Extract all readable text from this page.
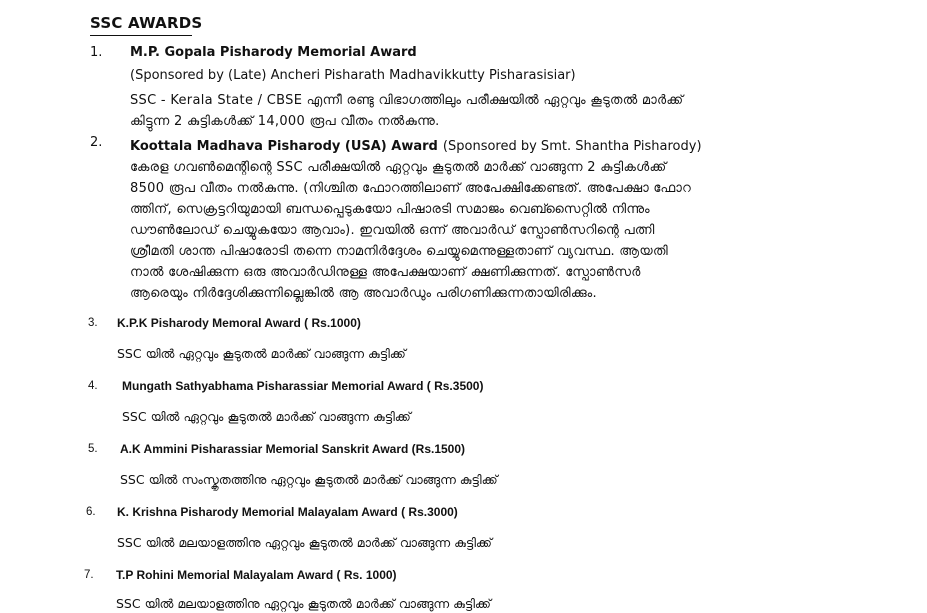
SSC AWARDS
1. M.P. Gopala Pisharody Memorial Award
(Sponsored by (Late) Ancheri Pisharath Madhavikkutty Pisharasisiar)
SSC - Kerala State / CBSE എന്നീ രണ്ടു വിഭാഗത്തിലും പരീക്ഷയിൽ ഏറ്റവും കൂടുതൽ മാർക്ക്
കിട്ടുന്ന 2 കുട്ടികൾക്ക് 14,000 രൂപ വീതം നൽകുന്നു.
2. Koottala Madhava Pisharody (USA) Award (Sponsored by Smt. Shantha Pisharody)
കേരള ഗവൺമെന്റിന്റെ SSC പരീക്ഷയിൽ ഏറ്റവും കൂടുതൽ മാർക്ക് വാങ്ങുന്ന 2 കുട്ടികൾക്ക്
8500 രൂപ വീതം നൽകുന്നു. (നിശ്ചിത ഫോറത്തിലാണ് അപേക്ഷിക്കേണ്ടത്. അപേക്ഷാ ഫോറ
ത്തിന്, സെക്രട്ടറിയുമായി ബന്ധപ്പെടുകയോ പിഷാരടി സമാജം വെബ്സൈറ്റിൽ നിന്നും
ഡൗൺലോഡ് ചെയ്യുകയോ ആവാം). ഇവയിൽ ഒന്ന് അവാർഡ് സ്പോൺസറിന്റെ പത്നി
ശ്രീമതി ശാന്ത പിഷാരോടി തന്നെ നാമനിർദ്ദേശം ചെയ്യുമെന്നുള്ളതാണ് വ്യവസ്ഥ. ആയതി
നാൽ ശേഷിക്കുന്ന ഒരു അവാർഡിനുള്ള അപേക്ഷയാണ് ക്ഷണിക്കുന്നത്. സ്പോൺസർ
ആരെയും നിർദ്ദേശിക്കുന്നില്ലെങ്കിൽ ആ അവാർഡും പരിഗണിക്കുന്നതായിരിക്കും.
3. K.P.K Pisharody Memoral Award ( Rs.1000)
SSC യിൽ ഏറ്റവും കൂടുതൽ മാർക്ക് വാങ്ങുന്ന കുട്ടിക്ക്
4. Mungath Sathyabhama Pisharassiar Memorial Award ( Rs.3500)
SSC യിൽ ഏറ്റവും കൂടുതൽ മാർക്ക് വാങ്ങുന്ന കുട്ടിക്ക്
5. A.K Ammini Pisharassiar Memorial Sanskrit Award (Rs.1500)
SSC യിൽ സംസ്കൃതത്തിനു ഏറ്റവും കൂടുതൽ മാർക്ക് വാങ്ങുന്ന കുട്ടിക്ക്
6. K. Krishna Pisharody Memorial Malayalam Award ( Rs.3000)
SSC യിൽ മലയാളത്തിനു ഏറ്റവും കൂടുതൽ മാർക്ക് വാങ്ങുന്ന കുട്ടിക്ക്
7. T.P Rohini Memorial Malayalam Award ( Rs. 1000)
SSC യിൽ മലയാളത്തിനു ഏറ്റവും കൂടുതൽ മാർക്ക് വാങ്ങുന്ന കുട്ടിക്ക്
